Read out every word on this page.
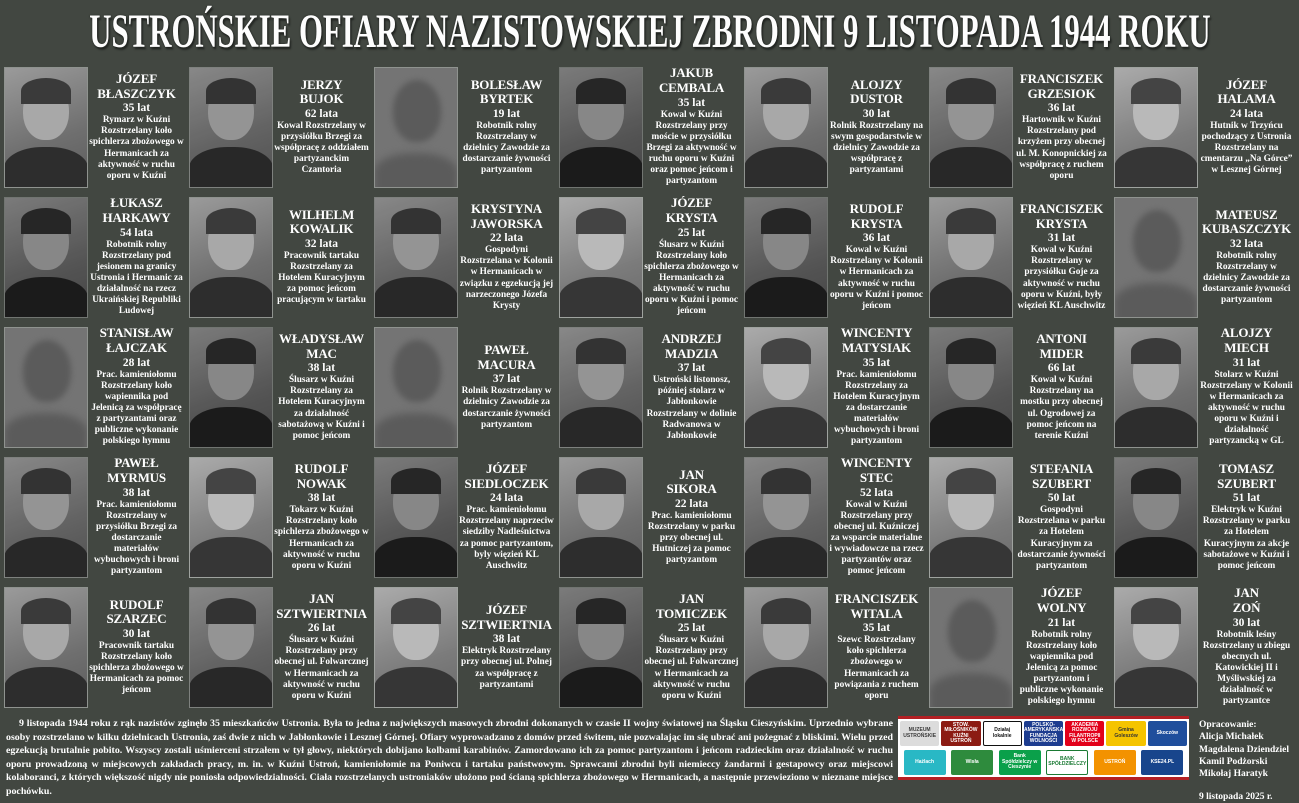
USTROŃSKIE OFIARY NAZISTOWSKIEJ ZBRODNI 9 LISTOPADA 1944 ROKU
JÓZEF
BŁASZCZYK
35 lat
Rymarz w Kuźni Rozstrzelany koło spichlerza zbożowego w Hermanicach za aktywność w ruchu oporu w Kuźni
JERZY
BUJOK
62 lata
Kowal Rozstrzelany w przysiółku Brzegi za współpracę z oddziałem partyzanckim Czantoria
BOLESŁAW
BYRTEK
19 lat
Robotnik rolny Rozstrzelany w dzielnicy Zawodzie za dostarczanie żywności partyzantom
JAKUB
CEMBALA
35 lat
Kowal w Kuźni Rozstrzelany przy moście w przysiółku Brzegi za aktywność w ruchu oporu w Kuźni oraz pomoc jeńcom i partyzantom
ALOJZY
DUSTOR
30 lat
Rolnik Rozstrzelany na swym gospodarstwie w dzielnicy Zawodzie za współpracę z partyzantami
FRANCISZEK
GRZESIOK
36 lat
Hartownik w Kuźni Rozstrzelany pod krzyżem przy obecnej ul. M. Konopnickiej za współpracę z ruchem oporu
JÓZEF
HALAMA
24 lata
Hutnik w Trzyńcu pochodzący z Ustronia Rozstrzelany na cmentarzu „Na Górce” w Lesznej Górnej
ŁUKASZ
HARKAWY
54 lata
Robotnik rolny Rozstrzelany pod jesionem na granicy Ustronia i Hermanic za działalność na rzecz Ukraińskiej Republiki Ludowej
WILHELM
KOWALIK
32 lata
Pracownik tartaku Rozstrzelany za Hotelem Kuracyjnym za pomoc jeńcom pracującym w tartaku
KRYSTYNA
JAWORSKA
22 lata
Gospodyni Rozstrzelana w Kolonii w Hermanicach w związku z egzekucją jej narzeczonego Józefa Krysty
JÓZEF
KRYSTA
25 lat
Ślusarz w Kuźni Rozstrzelany koło spichlerza zbożowego w Hermanicach za aktywność w ruchu oporu w Kuźni i pomoc jeńcom
RUDOLF
KRYSTA
36 lat
Kowal w Kuźni Rozstrzelany w Kolonii w Hermanicach za aktywność w ruchu oporu w Kuźni i pomoc jeńcom
FRANCISZEK
KRYSTA
31 lat
Kowal w Kuźni Rozstrzelany w przysiółku Goje za aktywność w ruchu oporu w Kuźni, były więzień KL Auschwitz
MATEUSZ
KUBASZCZYK
32 lata
Robotnik rolny Rozstrzelany w dzielnicy Zawodzie za dostarczanie żywności partyzantom
STANISŁAW
ŁAJCZAK
28 lat
Prac. kamieniołomu Rozstrzelany koło wapiennika pod Jelenicą za współpracę z partyzantami oraz publiczne wykonanie polskiego hymnu
WŁADYSŁAW
MAC
38 lat
Ślusarz w Kuźni Rozstrzelany za Hotelem Kuracyjnym za działalność sabotażową w Kuźni i pomoc jeńcom
PAWEŁ
MACURA
37 lat
Rolnik Rozstrzelany w dzielnicy Zawodzie za dostarczanie żywności partyzantom
ANDRZEJ
MADZIA
37 lat
Ustroński listonosz, później stolarz w Jabłonkowie Rozstrzelany w dolinie Radwanowa w Jabłonkowie
WINCENTY
MATYSIAK
35 lat
Prac. kamieniołomu Rozstrzelany za Hotelem Kuracyjnym za dostarczanie materiałów wybuchowych i broni partyzantom
ANTONI
MIDER
66 lat
Kowal w Kuźni Rozstrzelany na mostku przy obecnej ul. Ogrodowej za pomoc jeńcom na terenie Kuźni
ALOJZY
MIECH
31 lat
Stolarz w Kuźni Rozstrzelany w Kolonii w Hermanicach za aktywność w ruchu oporu w Kuźni i działalność partyzancką w GL
PAWEŁ
MYRMUS
38 lat
Prac. kamieniołomu Rozstrzelany w przysiółku Brzegi za dostarczanie materiałów wybuchowych i broni partyzantom
RUDOLF
NOWAK
38 lat
Tokarz w Kuźni Rozstrzelany koło spichlerza zbożowego w Hermanicach za aktywność w ruchu oporu w Kuźni
JÓZEF
SIEDLOCZEK
24 lata
Prac. kamieniołomu Rozstrzelany naprzeciw siedziby Nadleśnictwa za pomoc partyzantom, byly więzień KL Auschwitz
JAN
SIKORA
22 lata
Prac. kamieniołomu Rozstrzelany w parku przy obecnej ul. Hutniczej za pomoc partyzantom
WINCENTY
STEC
52 lata
Kowal w Kuźni Rozstrzelany przy obecnej ul. Kuźniczej za wsparcie materialne i wywiadowcze na rzecz partyzantów oraz pomoc jeńcom
STEFANIA
SZUBERT
50 lat
Gospodyni Rozstrzelana w parku za Hotelem Kuracyjnym za dostarczanie żywności partyzantom
TOMASZ
SZUBERT
51 lat
Elektryk w Kuźni Rozstrzelany w parku za Hotelem Kuracyjnym za akcje sabotażowe w Kuźni i pomoc jeńcom
RUDOLF
SZARZEC
30 lat
Pracownik tartaku Rozstrzelany koło spichlerza zbożowego w Hermanicach za pomoc jeńcom
JAN
SZTWIERTNIA
26 lat
Ślusarz w Kuźni Rozstrzelany przy obecnej ul. Folwarcznej w Hermanicach za aktywność w ruchu oporu w Kuźni
JÓZEF
SZTWIERTNIA
38 lat
Elektryk Rozstrzelany przy obecnej ul. Polnej za współpracę z partyzantami
JAN
TOMICZEK
25 lat
Ślusarz w Kuźni Rozstrzelany przy obecnej ul. Folwarcznej w Hermanicach za aktywność w ruchu oporu w Kuźni
FRANCISZEK
WITALA
35 lat
Szewc Rozstrzelany koło spichlerza zbożowego w Hermanicach za powiązania z ruchem oporu
JÓZEF
WOLNY
21 lat
Robotnik rolny Rozstrzelany koło wapiennika pod Jelenicą za pomoc partyzantom i publiczne wykonanie polskiego hymnu
JAN
ZOŃ
30 lat
Robotnik leśny Rozstrzelany u zbiegu obecnych ul. Katowickiej II i Myśliwskiej za działalność w partyzantce
9 listopada 1944 roku z rąk nazistów zginęło 35 mieszkańców Ustronia. Była to jedna z największych masowych zbrodni dokonanych w czasie II wojny światowej na Śląsku Cieszyńskim. Uprzednio wybrane osoby rozstrzelano w kilku dzielnicach Ustronia, zaś dwie z nich w Jabłonkowie i Lesznej Górnej. Ofiary wyprowadzano z domów przed świtem, nie pozwalając im się ubrać ani pożegnać z bliskimi. Wielu przed egzekucją brutalnie pobito. Wszyscy zostali uśmierceni strzałem w tył głowy, niektórych dobijano kolbami karabinów. Zamordowano ich za pomoc partyzantom i jeńcom radzieckim oraz działalność w ruchu oporu prowadzoną w miejscowych zakładach pracy, m. in. w Kuźni Ustroń, kamieniołomie na Poniwcu i tartaku państwowym. Sprawcami zbrodni byli niemieccy żandarmi i gestapowcy oraz miejscowi kolaboranci, z których większość nigdy nie poniosła odpowiedzialności. Ciała rozstrzelanych ustroniaków ułożono pod ścianą spichlerza zbożowego w Hermanicach, a następnie przewieziono w nieznane miejsce pochówku.
MUZEUM USTROŃSKIE
STOW. MIŁOŚNIKÓW KUŹNI USTROŃ
Działaj lokalnie
POLSKO-AMERYKAŃSKA FUNDACJA WOLNOŚCI
AKADEMIA ROZWOJU FILANTROPII W POLSCE
Gmina Goleszów	Skoczów
Hażlach	Wisła
Bank Spółdzielczy w Cieszynie
BANK SPÓŁDZIELCZY	USTROŃ	KSE24.PL
Opracowanie:
Alicja Michałek
Magdalena Dziendziel
Kamil Podżorski
Mikołaj Haratyk
9 listopada 2025 r.
